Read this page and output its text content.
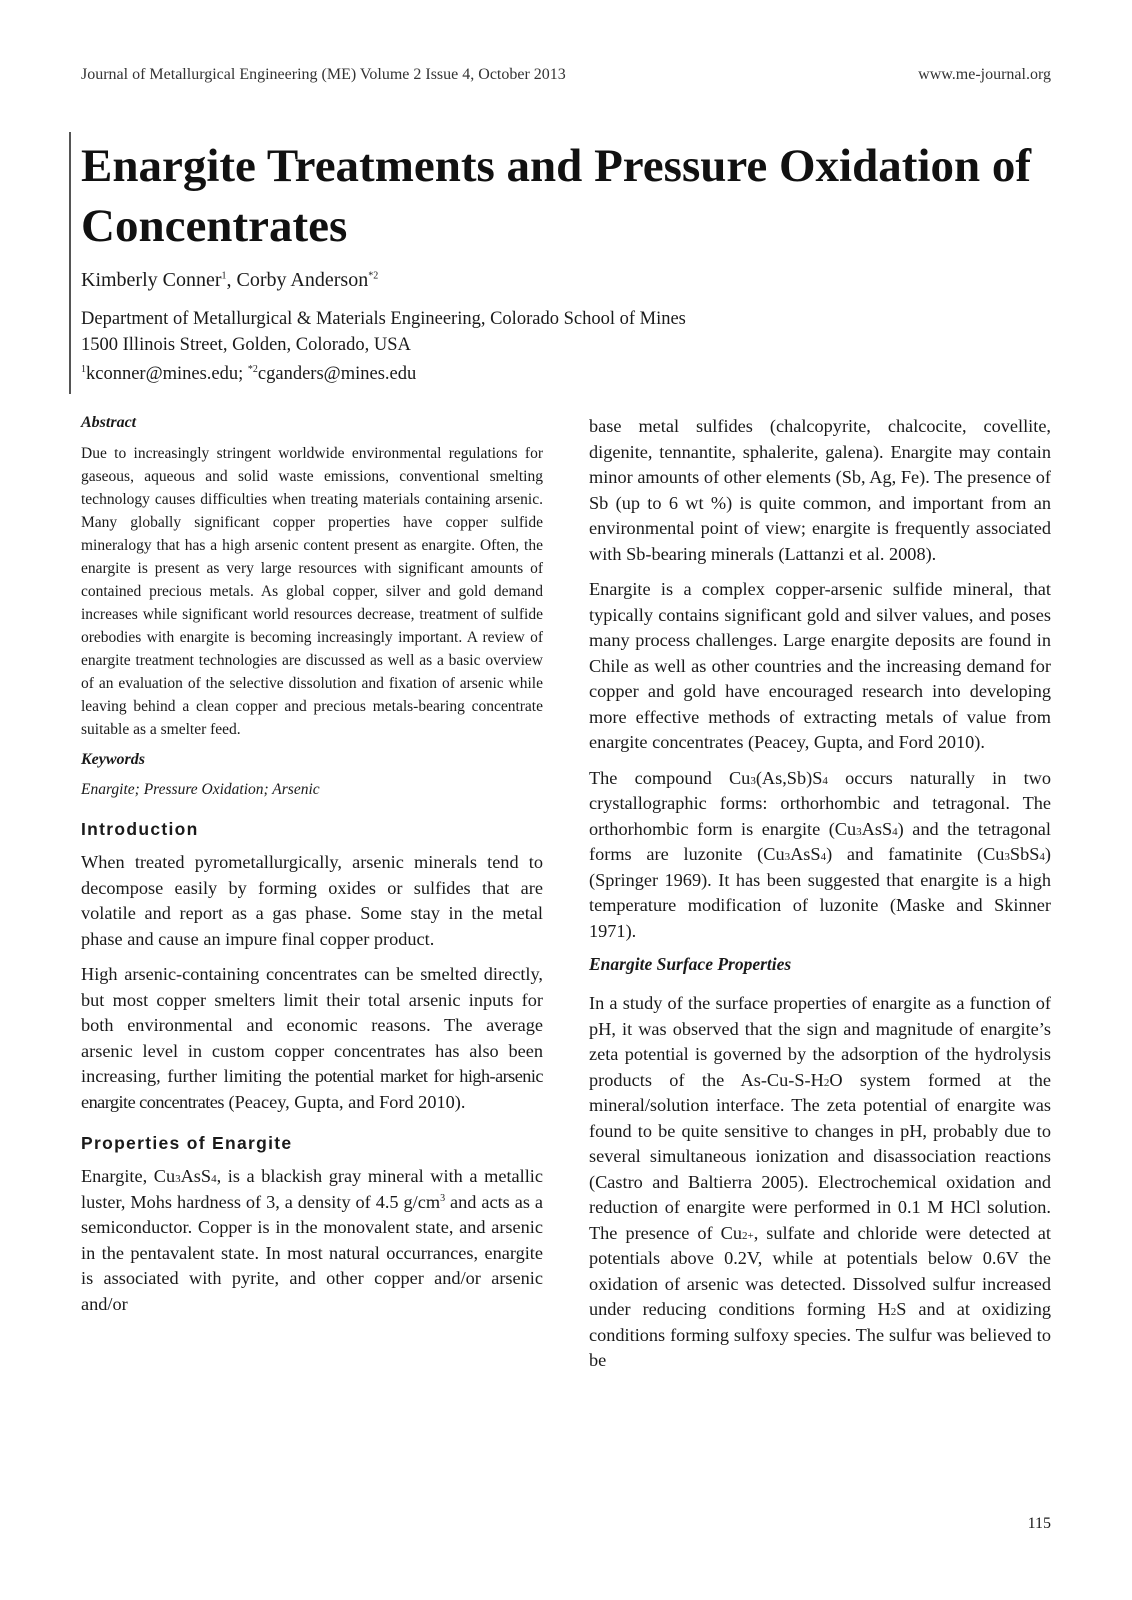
Journal of Metallurgical Engineering (ME) Volume 2 Issue 4, October 2013	www.me-journal.org
Enargite Treatments and Pressure Oxidation of Concentrates
Kimberly Conner$^1$, Corby Anderson$^{*2}$
Department of Metallurgical & Materials Engineering, Colorado School of Mines
1500 Illinois Street, Golden, Colorado, USA
$^1$kconner@mines.edu; $^{*2}$cganders@mines.edu
Abstract

Due to increasingly stringent worldwide environmental regulations for gaseous, aqueous and solid waste emissions, conventional smelting technology causes difficulties when treating materials containing arsenic. Many globally significant copper properties have copper sulfide mineralogy that has a high arsenic content present as enargite. Often, the enargite is present as very large resources with significant amounts of contained precious metals. As global copper, silver and gold demand increases while significant world resources decrease, treatment of sulfide orebodies with enargite is becoming increasingly important. A review of enargite treatment technologies are discussed as well as a basic overview of an evaluation of the selective dissolution and fixation of arsenic while leaving behind a clean copper and precious metals-bearing concentrate suitable as a smelter feed.

Keywords
Enargite; Pressure Oxidation; Arsenic
Introduction

When treated pyrometallurgically, arsenic minerals tend to decompose easily by forming oxides or sulfides that are volatile and report as a gas phase. Some stay in the metal phase and cause an impure final copper product.

High arsenic-containing concentrates can be smelted directly, but most copper smelters limit their total arsenic inputs for both environmental and economic reasons. The average arsenic level in custom copper concentrates has also been increasing, further limiting the potential market for high-arsenic enargite concentrates (Peacey, Gupta, and Ford 2010).

Properties of Enargite

Enargite, Cu3AsS4, is a blackish gray mineral with a metallic luster, Mohs hardness of 3, a density of 4.5 $g/cm^3$ and acts as a semiconductor. Copper is in the monovalent state, and arsenic in the pentavalent state. In most natural occurrances, enargite is associated with pyrite, and other copper and/or arsenic and/or

base metal sulfides (chalcopyrite, chalcocite, covellite, digenite, tennantite, sphalerite, galena). Enargite may contain minor amounts of other elements (Sb, Ag, Fe). The presence of Sb (up to 6 wt %) is quite common, and important from an environmental point of view; enargite is frequently associated with Sb-bearing minerals (Lattanzi et al. 2008).

Enargite is a complex copper-arsenic sulfide mineral, that typically contains significant gold and silver values, and poses many process challenges. Large enargite deposits are found in Chile as well as other countries and the increasing demand for copper and gold have encouraged research into developing more effective methods of extracting metals of value from enargite concentrates (Peacey, Gupta, and Ford 2010).

The compound Cu3(As,Sb)S4 occurs naturally in two crystallographic forms: orthorhombic and tetragonal. The orthorhombic form is enargite (Cu3AsS4) and the tetragonal forms are luzonite (Cu3AsS4) and famatinite (Cu3SbS4) (Springer 1969). It has been suggested that enargite is a high temperature modification of luzonite (Maske and Skinner 1971).

Enargite Surface Properties

In a study of the surface properties of enargite as a function of pH, it was observed that the sign and magnitude of enargite’s zeta potential is governed by the adsorption of the hydrolysis products of the As-Cu-S-H2O system formed at the mineral/solution interface. The zeta potential of enargite was found to be quite sensitive to changes in pH, probably due to several simultaneous ionization and disassociation reactions (Castro and Baltierra 2005). Electrochemical oxidation and reduction of enargite were performed in 0.1 M HCl solution. The presence of Cu2+, sulfate and chloride were detected at potentials above 0.2V, while at potentials below 0.6V the oxidation of arsenic was detected. Dissolved sulfur increased under reducing conditions forming H2S and at oxidizing conditions forming sulfoxy species. The sulfur was believed to be

115
